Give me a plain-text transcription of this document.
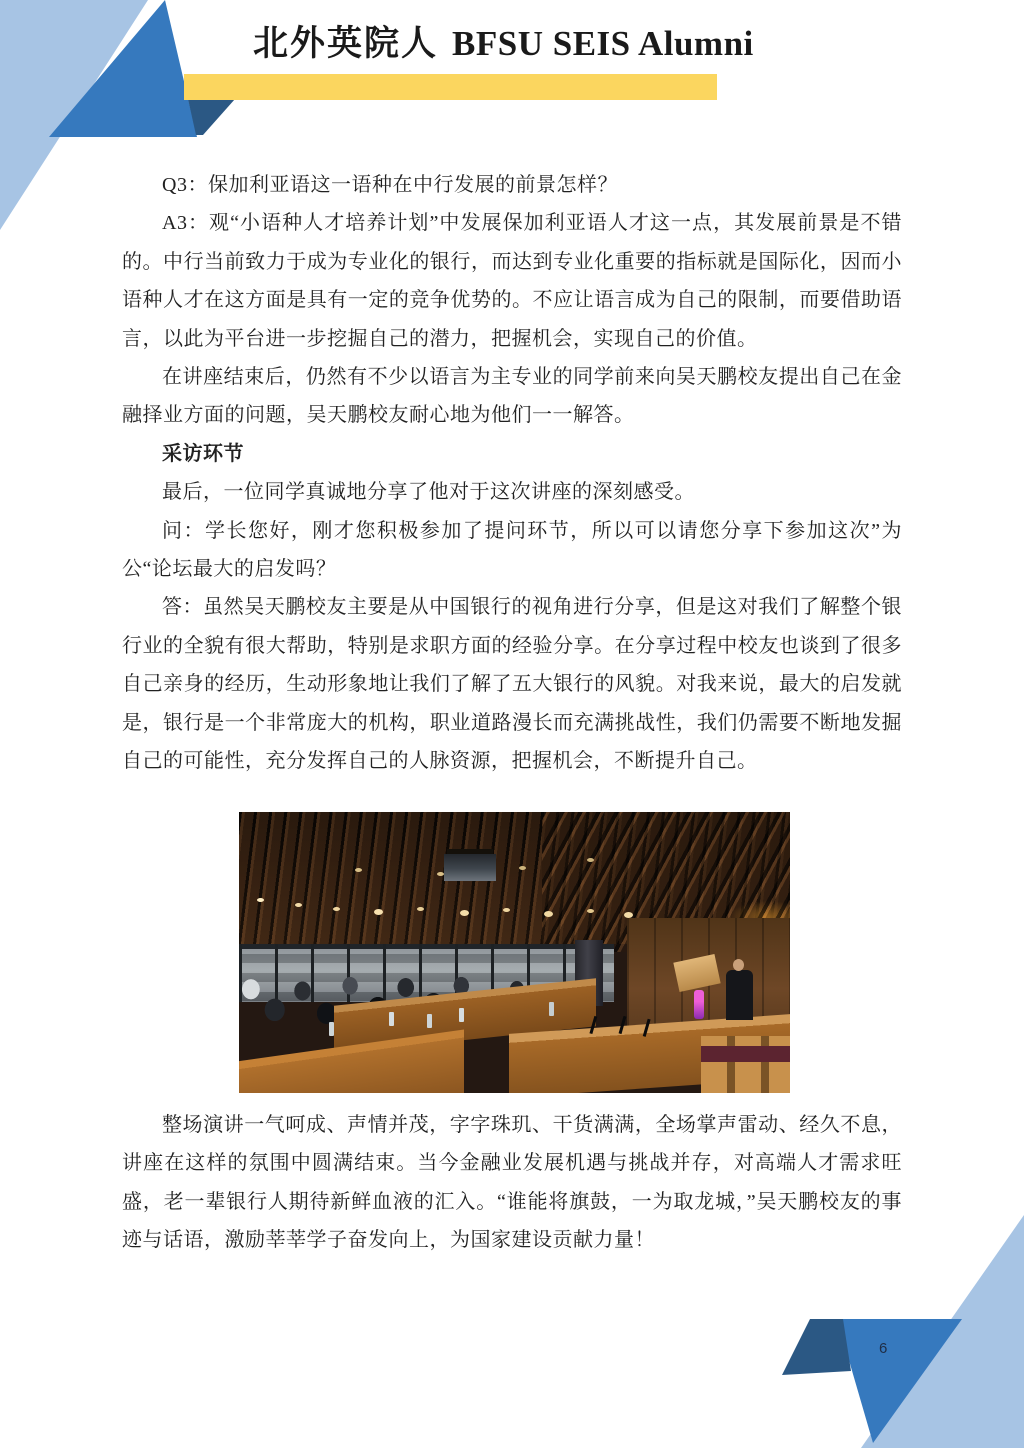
北外英院人 BFSU SEIS Alumni

Q3：保加利亚语这一语种在中行发展的前景怎样？

A3：观“小语种人才培养计划”中发展保加利亚语人才这一点，其发展前景是不错的。中行当前致力于成为专业化的银行，而达到专业化重要的指标就是国际化，因而小语种人才在这方面是具有一定的竞争优势的。不应让语言成为自己的限制，而要借助语言，以此为平台进一步挖掘自己的潜力，把握机会，实现自己的价值。

在讲座结束后，仍然有不少以语言为主专业的同学前来向吴天鹏校友提出自己在金融择业方面的问题，吴天鹏校友耐心地为他们一一解答。

采访环节

最后，一位同学真诚地分享了他对于这次讲座的深刻感受。

问：学长您好，刚才您积极参加了提问环节，所以可以请您分享下参加这次”为公“论坛最大的启发吗？

答：虽然吴天鹏校友主要是从中国银行的视角进行分享，但是这对我们了解整个银行业的全貌有很大帮助，特别是求职方面的经验分享。在分享过程中校友也谈到了很多自己亲身的经历，生动形象地让我们了解了五大银行的风貌。对我来说，最大的启发就是，银行是一个非常庞大的机构，职业道路漫长而充满挑战性，我们仍需要不断地发掘自己的可能性，充分发挥自己的人脉资源，把握机会，不断提升自己。

整场演讲一气呵成、声情并茂，字字珠玑、干货满满，全场掌声雷动、经久不息，讲座在这样的氛围中圆满结束。当今金融业发展机遇与挑战并存，对高端人才需求旺盛，老一辈银行人期待新鲜血液的汇入。“谁能将旗鼓，一为取龙城，”吴天鹏校友的事迹与话语，激励莘莘学子奋发向上，为国家建设贡献力量！

6
